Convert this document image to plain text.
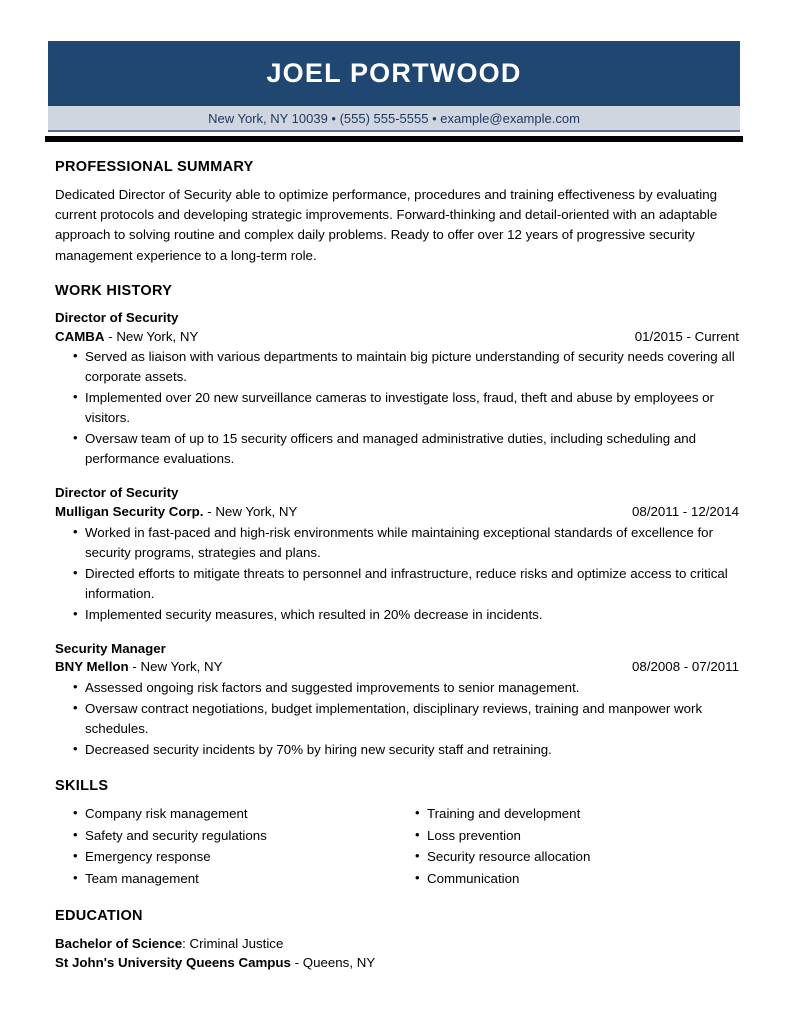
JOEL PORTWOOD
New York, NY 10039 • (555) 555-5555 • example@example.com
PROFESSIONAL SUMMARY

Dedicated Director of Security able to optimize performance, procedures and training effectiveness by evaluating current protocols and developing strategic improvements. Forward-thinking and detail-oriented with an adaptable approach to solving routine and complex daily problems. Ready to offer over 12 years of progressive security management experience to a long-term role.

WORK HISTORY
Director of Security
CAMBA - New York, NY	01/2015 - Current
• Served as liaison with various departments to maintain big picture understanding of security needs covering all corporate assets.
• Implemented over 20 new surveillance cameras to investigate loss, fraud, theft and abuse by employees or visitors.
• Oversaw team of up to 15 security officers and managed administrative duties, including scheduling and performance evaluations.
Director of Security
Mulligan Security Corp. - New York, NY	08/2011 - 12/2014
• Worked in fast-paced and high-risk environments while maintaining exceptional standards of excellence for security programs, strategies and plans.
• Directed efforts to mitigate threats to personnel and infrastructure, reduce risks and optimize access to critical information.
• Implemented security measures, which resulted in 20% decrease in incidents.
Security Manager
BNY Mellon - New York, NY	08/2008 - 07/2011
• Assessed ongoing risk factors and suggested improvements to senior management.
• Oversaw contract negotiations, budget implementation, disciplinary reviews, training and manpower work schedules.
• Decreased security incidents by 70% by hiring new security staff and retraining.
SKILLS
• Company risk management
• Safety and security regulations
• Emergency response
• Team management
• Training and development
• Loss prevention
• Security resource allocation
• Communication
EDUCATION
Bachelor of Science: Criminal Justice
St John's University Queens Campus - Queens, NY
